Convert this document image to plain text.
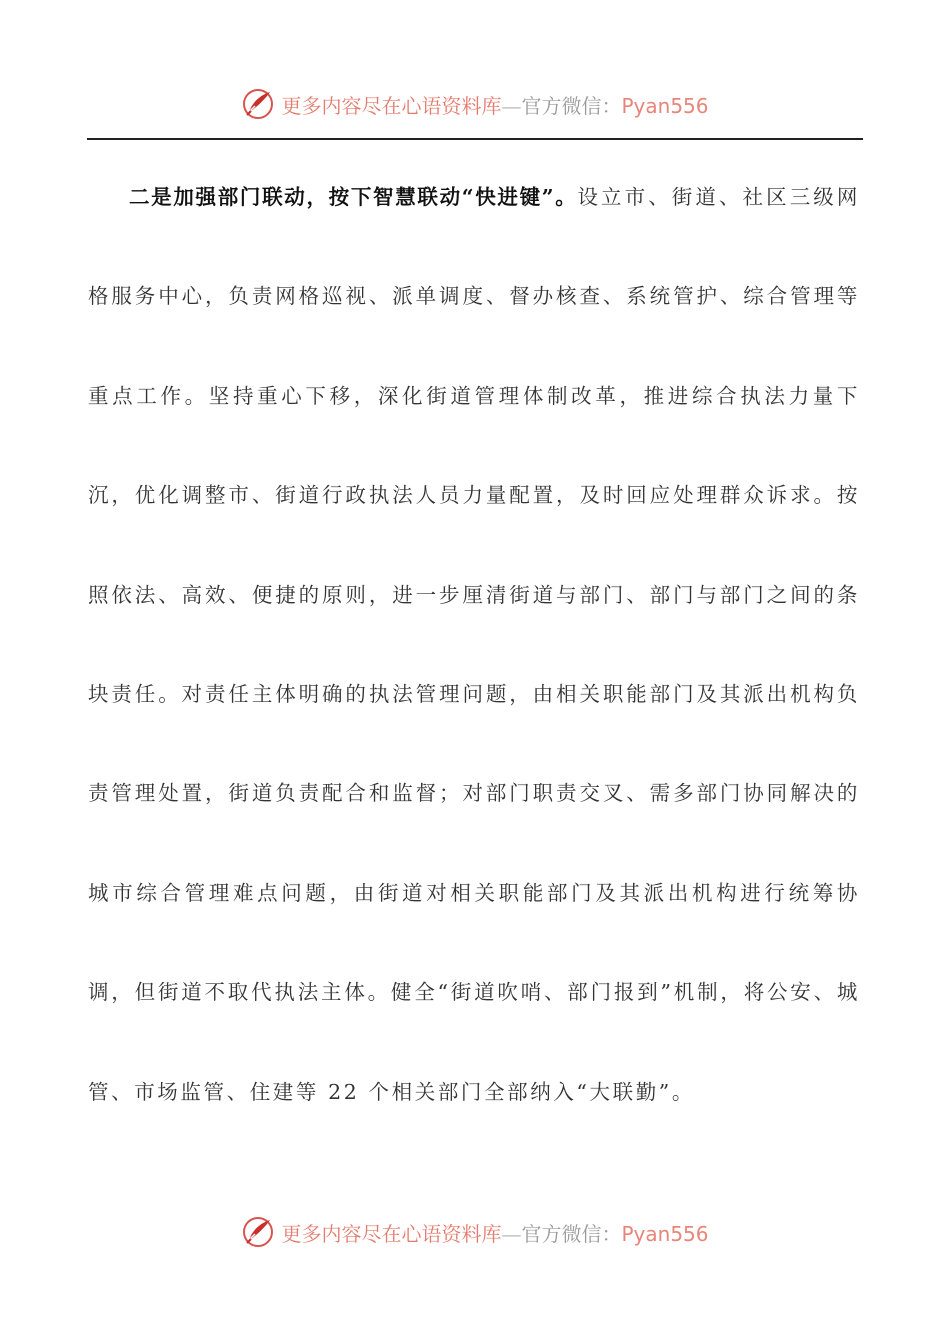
更多内容尽在心语资料库—官方微信：Pyan556
二是加强部门联动，按下智慧联动“快进键”。设立市、街道、社区三级网格服务中心，负责网格巡视、派单调度、督办核查、系统管护、综合管理等重点工作。坚持重心下移，深化街道管理体制改革，推进综合执法力量下沉，优化调整市、街道行政执法人员力量配置，及时回应处理群众诉求。按照依法、高效、便捷的原则，进一步厘清街道与部门、部门与部门之间的条块责任。对责任主体明确的执法管理问题，由相关职能部门及其派出机构负责管理处置，街道负责配合和监督；对部门职责交叉、需多部门协同解决的城市综合管理难点问题，由街道对相关职能部门及其派出机构进行统筹协调，但街道不取代执法主体。健全“街道吹哨、部门报到”机制，将公安、城管、市场监管、住建等 22 个相关部门全部纳入“大联勤”。
更多内容尽在心语资料库—官方微信：Pyan556
